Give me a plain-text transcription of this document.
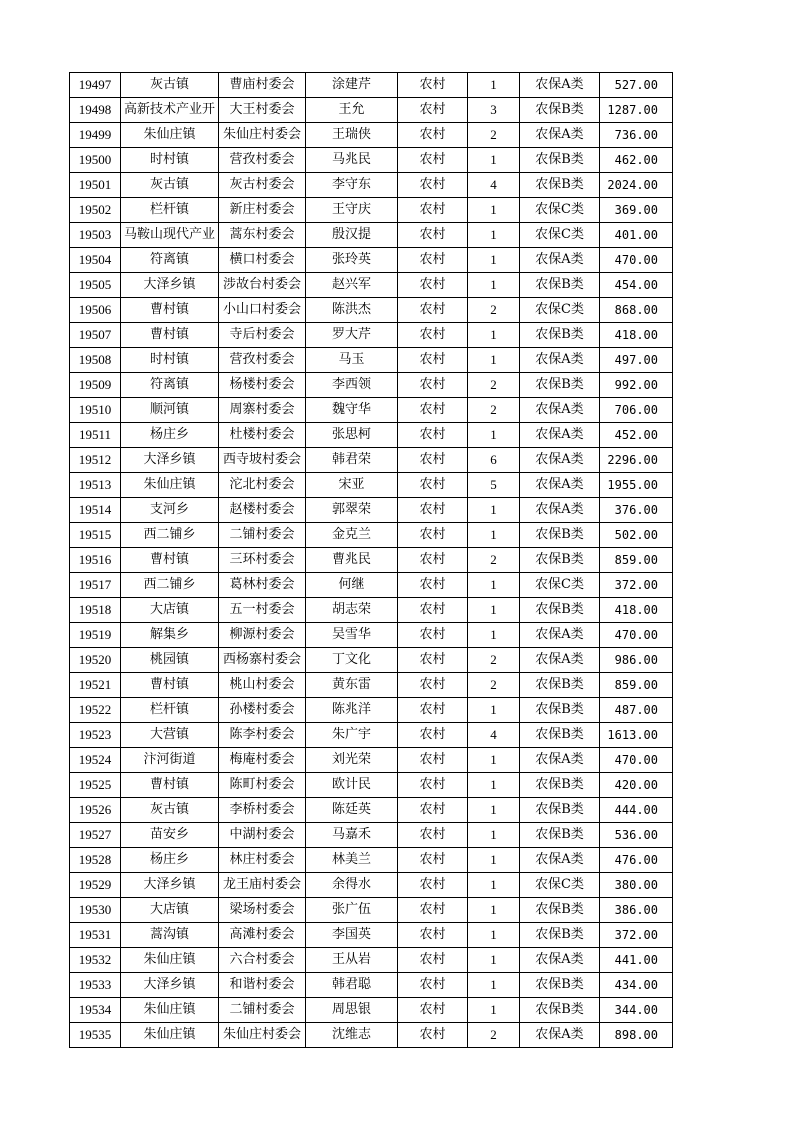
19497	灰古镇	曹庙村委会	涂建芹	农村	1	农保A类	527.00
19498	高新技术产业开	大王村委会	王允	农村	3	农保B类	1287.00
19499	朱仙庄镇	朱仙庄村委会	王瑞侠	农村	2	农保A类	736.00
19500	时村镇	营孜村委会	马兆民	农村	1	农保B类	462.00
19501	灰古镇	灰古村委会	李守东	农村	4	农保B类	2024.00
19502	栏杆镇	新庄村委会	王守庆	农村	1	农保C类	369.00
19503	马鞍山现代产业	蒿东村委会	殷汉提	农村	1	农保C类	401.00
19504	符离镇	横口村委会	张玲英	农村	1	农保A类	470.00
19505	大泽乡镇	涉故台村委会	赵兴军	农村	1	农保B类	454.00
19506	曹村镇	小山口村委会	陈洪杰	农村	2	农保C类	868.00
19507	曹村镇	寺后村委会	罗大芹	农村	1	农保B类	418.00
19508	时村镇	营孜村委会	马玉	农村	1	农保A类	497.00
19509	符离镇	杨楼村委会	李西领	农村	2	农保B类	992.00
19510	顺河镇	周寨村委会	魏守华	农村	2	农保A类	706.00
19511	杨庄乡	杜楼村委会	张思柯	农村	1	农保A类	452.00
19512	大泽乡镇	西寺坡村委会	韩君荣	农村	6	农保A类	2296.00
19513	朱仙庄镇	沱北村委会	宋亚	农村	5	农保A类	1955.00
19514	支河乡	赵楼村委会	郭翠荣	农村	1	农保A类	376.00
19515	西二铺乡	二铺村委会	金克兰	农村	1	农保B类	502.00
19516	曹村镇	三环村委会	曹兆民	农村	2	农保B类	859.00
19517	西二铺乡	葛林村委会	何继	农村	1	农保C类	372.00
19518	大店镇	五一村委会	胡志荣	农村	1	农保B类	418.00
19519	解集乡	柳源村委会	吴雪华	农村	1	农保A类	470.00
19520	桃园镇	西杨寨村委会	丁文化	农村	2	农保A类	986.00
19521	曹村镇	桃山村委会	黄东雷	农村	2	农保B类	859.00
19522	栏杆镇	孙楼村委会	陈兆洋	农村	1	农保B类	487.00
19523	大营镇	陈李村委会	朱广宇	农村	4	农保B类	1613.00
19524	汴河街道	梅庵村委会	刘光荣	农村	1	农保A类	470.00
19525	曹村镇	陈町村委会	欧计民	农村	1	农保B类	420.00
19526	灰古镇	李桥村委会	陈廷英	农村	1	农保B类	444.00
19527	苗安乡	中湖村委会	马嘉禾	农村	1	农保B类	536.00
19528	杨庄乡	林庄村委会	林美兰	农村	1	农保A类	476.00
19529	大泽乡镇	龙王庙村委会	余得水	农村	1	农保C类	380.00
19530	大店镇	梁场村委会	张广伍	农村	1	农保B类	386.00
19531	蒿沟镇	高滩村委会	李国英	农村	1	农保B类	372.00
19532	朱仙庄镇	六合村委会	王从岩	农村	1	农保A类	441.00
19533	大泽乡镇	和谐村委会	韩君聪	农村	1	农保B类	434.00
19534	朱仙庄镇	二铺村委会	周思银	农村	1	农保B类	344.00
19535	朱仙庄镇	朱仙庄村委会	沈维志	农村	2	农保A类	898.00
